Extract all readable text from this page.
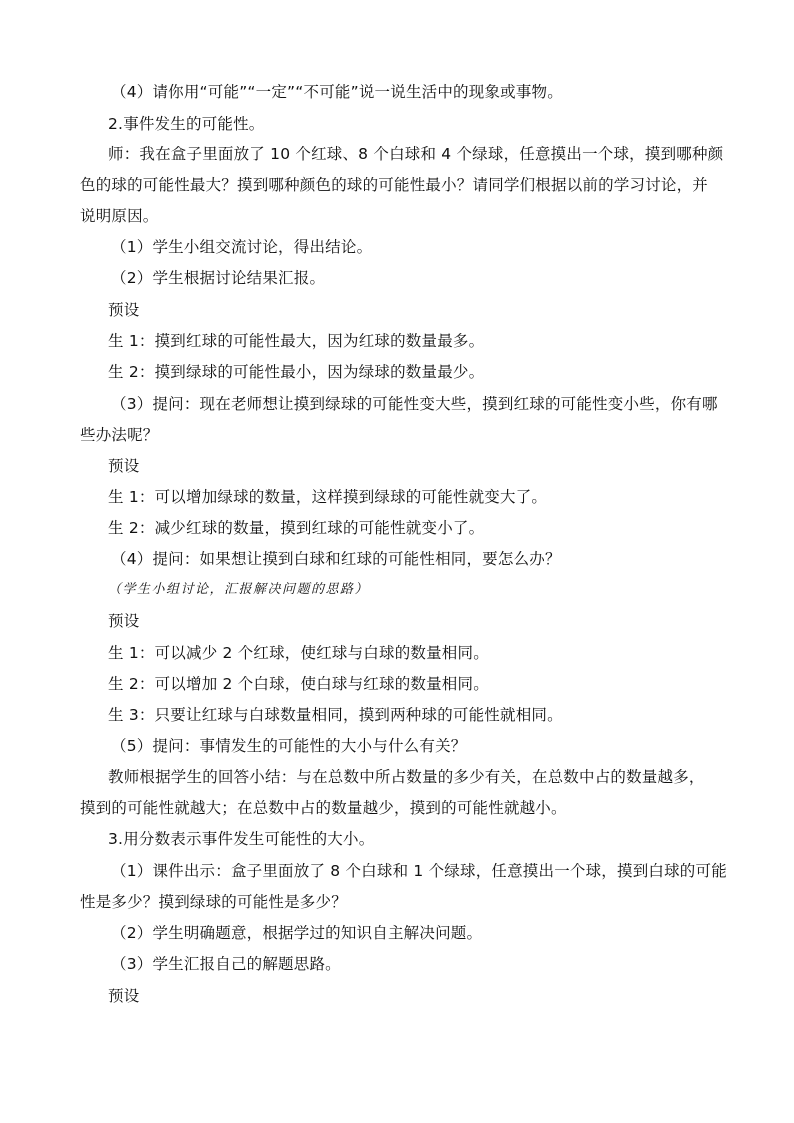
（4）请你用“可能”“一定”“不可能”说一说生活中的现象或事物。
2.事件发生的可能性。
师：我在盒子里面放了 10 个红球、8 个白球和 4 个绿球，任意摸出一个球，摸到哪种颜
色的球的可能性最大？摸到哪种颜色的球的可能性最小？请同学们根据以前的学习讨论，并
说明原因。
（1）学生小组交流讨论，得出结论。
（2）学生根据讨论结果汇报。
预设
生 1：摸到红球的可能性最大，因为红球的数量最多。
生 2：摸到绿球的可能性最小，因为绿球的数量最少。
（3）提问：现在老师想让摸到绿球的可能性变大些，摸到红球的可能性变小些，你有哪
些办法呢？
预设
生 1：可以增加绿球的数量，这样摸到绿球的可能性就变大了。
生 2：减少红球的数量，摸到红球的可能性就变小了。
（4）提问：如果想让摸到白球和红球的可能性相同，要怎么办？
（学生小组讨论，汇报解决问题的思路）
预设
生 1：可以减少 2 个红球，使红球与白球的数量相同。
生 2：可以增加 2 个白球，使白球与红球的数量相同。
生 3：只要让红球与白球数量相同，摸到两种球的可能性就相同。
（5）提问：事情发生的可能性的大小与什么有关？
教师根据学生的回答小结：与在总数中所占数量的多少有关，在总数中占的数量越多，
摸到的可能性就越大；在总数中占的数量越少，摸到的可能性就越小。
3.用分数表示事件发生可能性的大小。
（1）课件出示：盒子里面放了 8 个白球和 1 个绿球，任意摸出一个球，摸到白球的可能
性是多少？摸到绿球的可能性是多少？
（2）学生明确题意，根据学过的知识自主解决问题。
（3）学生汇报自己的解题思路。
预设
